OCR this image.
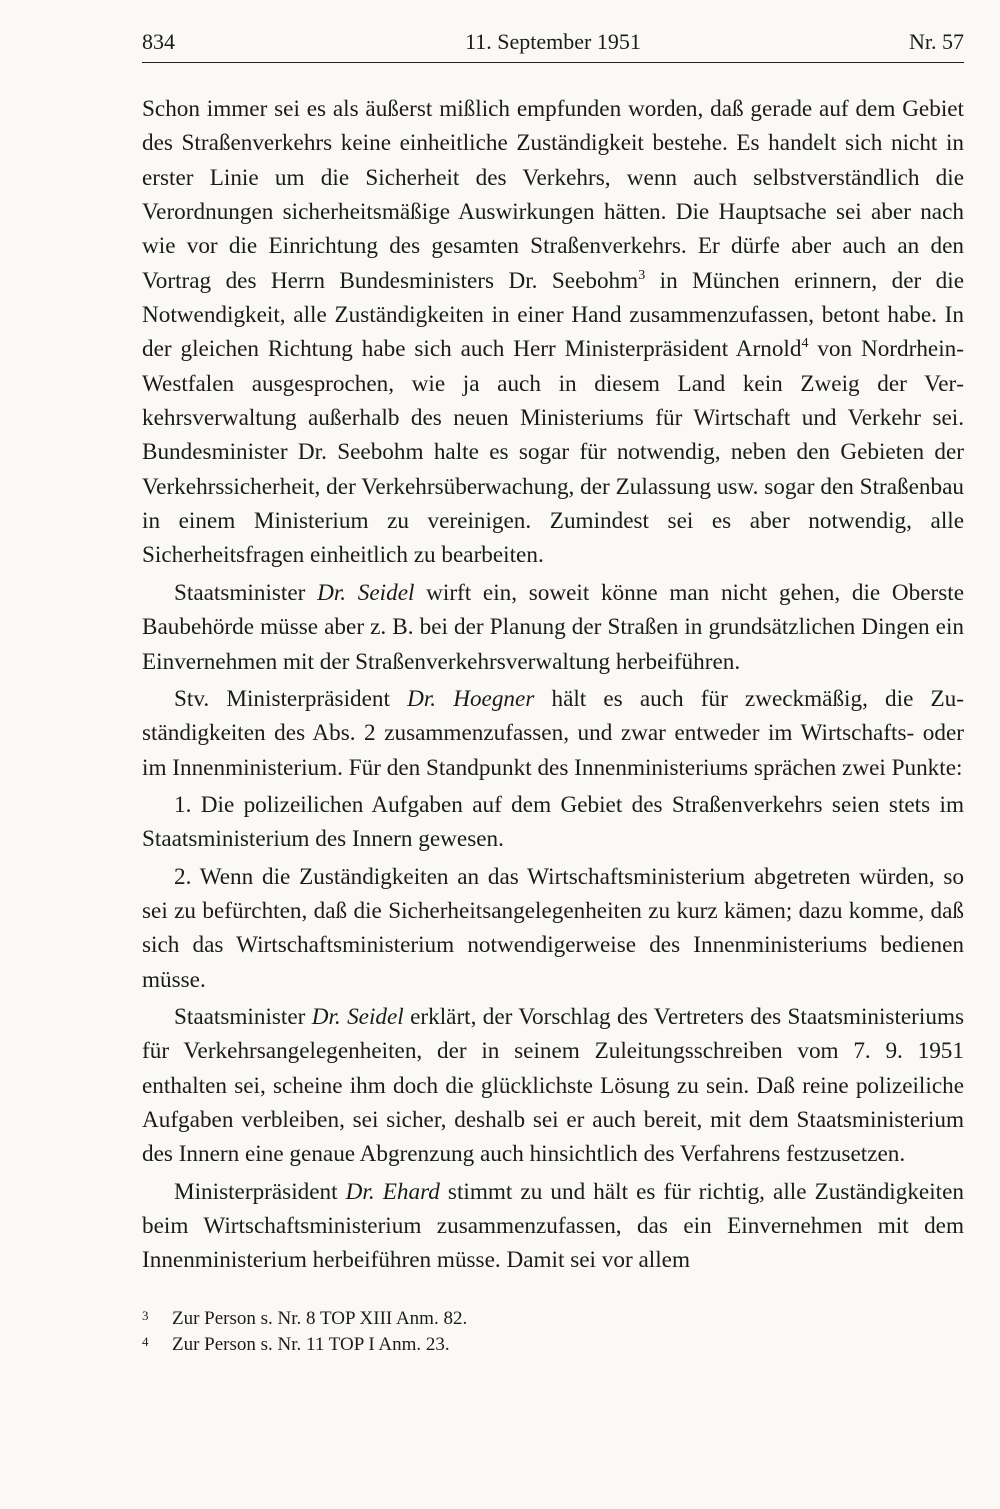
834	11. September 1951	Nr. 57

Schon immer sei es als äußerst mißlich empfunden worden, daß gerade auf dem Gebiet des Straßenverkehrs keine einheitliche Zuständigkeit bestehe. Es handelt sich nicht in erster Linie um die Sicherheit des Verkehrs, wenn auch selbstverständlich die Verordnungen sicherheitsmäßige Auswirkungen hätten. Die Hauptsache sei aber nach wie vor die Einrichtung des gesamten Straßenverkehrs. Er dürfe aber auch an den Vortrag des Herrn Bundesministers Dr. Seebohm$^3$ in München erinnern, der die Notwendigkeit, alle Zuständigkeiten in einer Hand zusammenzufassen, betont habe. In der gleichen Richtung habe sich auch Herr Ministerpräsident Arnold$^4$ von Nordrhein-Westfalen ausgesprochen, wie ja auch in diesem Land kein Zweig der Verkehrsverwaltung außerhalb des neuen Ministeriums für Wirtschaft und Verkehr sei. Bundesminister Dr. Seebohm halte es sogar für notwendig, neben den Gebieten der Verkehrssicherheit, der Verkehrsüberwachung, der Zulassung usw. sogar den Straßenbau in einem Ministerium zu vereinigen. Zumindest sei es aber notwendig, alle Sicherheitsfragen einheitlich zu bearbeiten.

Staatsminister Dr. Seidel wirft ein, soweit könne man nicht gehen, die Oberste Baubehörde müsse aber z. B. bei der Planung der Straßen in grundsätzlichen Dingen ein Einvernehmen mit der Straßenverkehrsverwaltung herbeiführen.

Stv. Ministerpräsident Dr. Hoegner hält es auch für zweckmäßig, die Zuständigkeiten des Abs. 2 zusammenzufassen, und zwar entweder im Wirtschafts- oder im Innenministerium. Für den Standpunkt des Innenministeriums sprächen zwei Punkte:

1. Die polizeilichen Aufgaben auf dem Gebiet des Straßenverkehrs seien stets im Staatsministerium des Innern gewesen.

2. Wenn die Zuständigkeiten an das Wirtschaftsministerium abgetreten würden, so sei zu befürchten, daß die Sicherheitsangelegenheiten zu kurz kämen; dazu komme, daß sich das Wirtschaftsministerium notwendigerweise des Innenministeriums bedienen müsse.

Staatsminister Dr. Seidel erklärt, der Vorschlag des Vertreters des Staatsministeriums für Verkehrsangelegenheiten, der in seinem Zuleitungsschreiben vom 7. 9. 1951 enthalten sei, scheine ihm doch die glücklichste Lösung zu sein. Daß reine polizeiliche Aufgaben verbleiben, sei sicher, deshalb sei er auch bereit, mit dem Staatsministerium des Innern eine genaue Abgrenzung auch hinsichtlich des Verfahrens festzusetzen.

Ministerpräsident Dr. Ehard stimmt zu und hält es für richtig, alle Zuständigkeiten beim Wirtschaftsministerium zusammenzufassen, das ein Einvernehmen mit dem Innenministerium herbeiführen müsse. Damit sei vor allem

3 Zur Person s. Nr. 8 TOP XIII Anm. 82.
4 Zur Person s. Nr. 11 TOP I Anm. 23.
